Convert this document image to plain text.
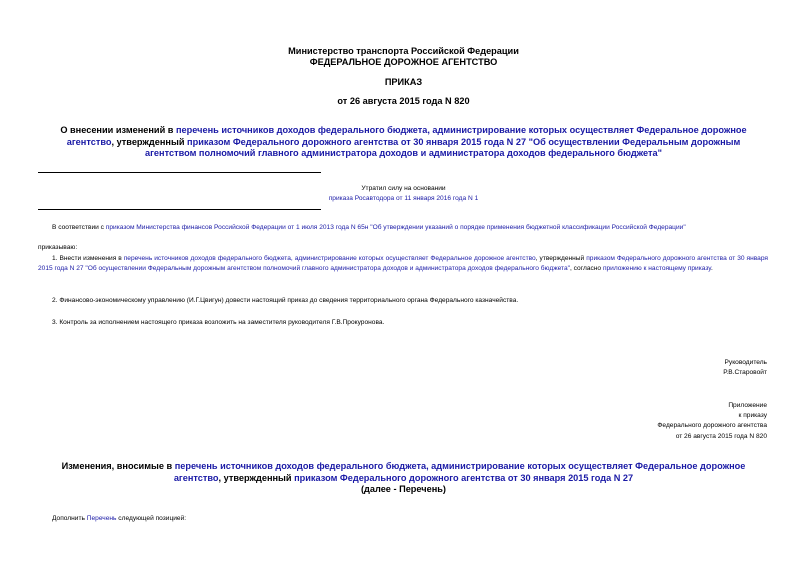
Министерство транспорта Российской Федерации
ФЕДЕРАЛЬНОЕ ДОРОЖНОЕ АГЕНТСТВО
ПРИКАЗ
от 26 августа 2015 года N 820
О внесении изменений в перечень источников доходов федерального бюджета, администрирование которых осуществляет Федеральное дорожное агентство, утвержденный приказом Федерального дорожного агентства от 30 января 2015 года N 27 "Об осуществлении Федеральным дорожным агентством полномочий главного администратора доходов и администратора доходов федерального бюджета"
Утратил силу на основании
приказа Росавтодора от 11 января 2016 года N 1
В соответствии с приказом Министерства финансов Российской Федерации от 1 июля 2013 года N 65н "Об утверждении указаний о порядке применения бюджетной классификации Российской Федерации"
приказываю:
1. Внести изменения в перечень источников доходов федерального бюджета, администрирование которых осуществляет Федеральное дорожное агентство, утвержденный приказом Федерального дорожного агентства от 30 января 2015 года N 27 "Об осуществлении Федеральным дорожным агентством полномочий главного администратора доходов и администратора доходов федерального бюджета", согласно приложению к настоящему приказу.
2. Финансово-экономическому управлению (И.Г.Цвигун) довести настоящий приказ до сведения территориального органа Федерального казначейства.
3. Контроль за исполнением настоящего приказа возложить на заместителя руководителя Г.В.Прокуронова.
Руководитель
Р.В.Старовойт
Приложение
к приказу
Федерального дорожного агентства
от 26 августа 2015 года N 820
Изменения, вносимые в перечень источников доходов федерального бюджета, администрирование которых осуществляет Федеральное дорожное агентство, утвержденный приказом Федерального дорожного агентства от 30 января 2015 года N 27
(далее - Перечень)
Дополнить Перечень следующей позицией:
